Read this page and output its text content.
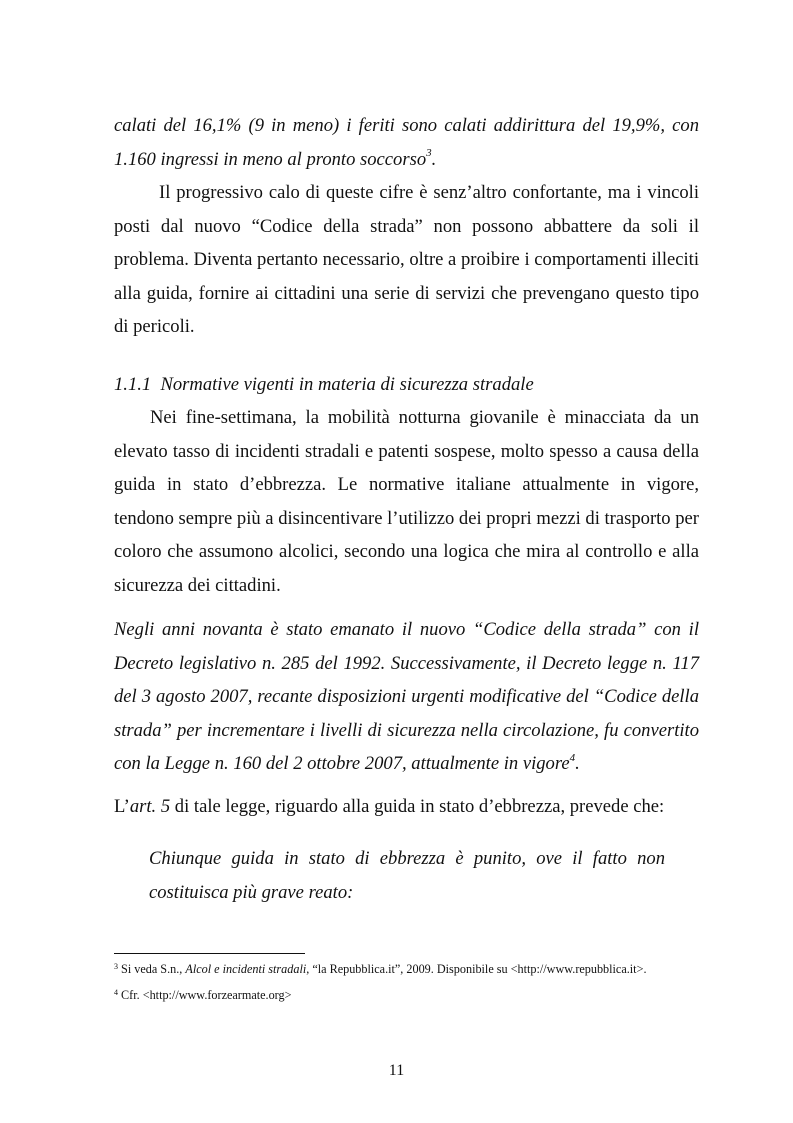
calati del 16,1% (9 in meno) i feriti sono calati addirittura del 19,9%, con 1.160 ingressi in meno al pronto soccorso$^3$.

Il progressivo calo di queste cifre è senz’altro confortante, ma i vincoli posti dal nuovo “Codice della strada” non possono abbattere da soli il problema. Diventa pertanto necessario, oltre a proibire i comportamenti illeciti alla guida, fornire ai cittadini una serie di servizi che prevengano questo tipo di pericoli.

1.1.1 Normative vigenti in materia di sicurezza stradale

Nei fine-settimana, la mobilità notturna giovanile è minacciata da un elevato tasso di incidenti stradali e patenti sospese, molto spesso a causa della guida in stato d’ebbrezza. Le normative italiane attualmente in vigore, tendono sempre più a disincentivare l’utilizzo dei propri mezzi di trasporto per coloro che assumono alcolici, secondo una logica che mira al controllo e alla sicurezza dei cittadini.

Negli anni novanta è stato emanato il nuovo “Codice della strada” con il Decreto legislativo n. 285 del 1992. Successivamente, il Decreto legge n. 117 del 3 agosto 2007, recante disposizioni urgenti modificative del “Codice della strada” per incrementare i livelli di sicurezza nella circolazione, fu convertito con la Legge n. 160 del 2 ottobre 2007, attualmente in vigore$^4$.

L’art. 5 di tale legge, riguardo alla guida in stato d’ebbrezza, prevede che:

Chiunque guida in stato di ebbrezza è punito, ove il fatto non costituisca più grave reato:

$^3$ Si veda S.n., Alcol e incidenti stradali, “la Repubblica.it”, 2009. Disponibile su <http://www.repubblica.it>.

$^4$ Cfr. <http://www.forzearmate.org>

11
